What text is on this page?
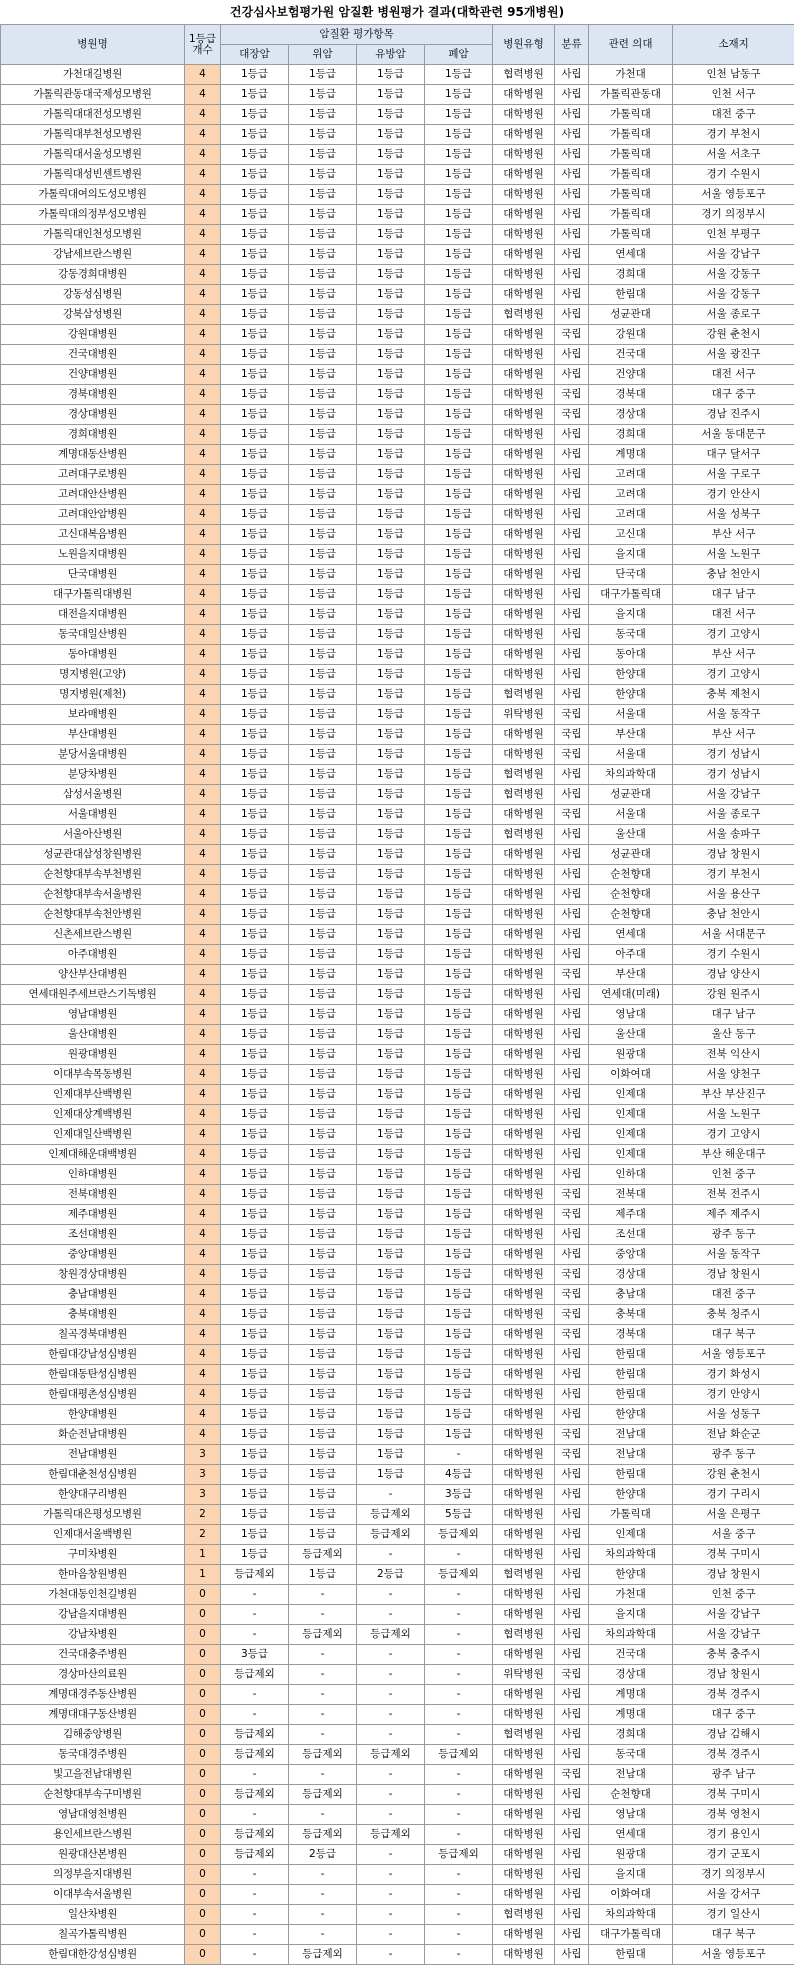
건강심사보험평가원 암질환 병원평가 결과(대학관련 95개병원)
병원명	1등급
개수	암질환 평가항목				병원유형	분류	관련 의대	소재지
		대장암	위암	유방암	폐암				
가천대길병원	4	1등급	1등급	1등급	1등급	협력병원	사립	가천대	인천 남동구
가톨릭관동대국제성모병원	4	1등급	1등급	1등급	1등급	대학병원	사립	가톨릭관동대	인천 서구
가톨릭대대전성모병원	4	1등급	1등급	1등급	1등급	대학병원	사립	가톨릭대	대전 중구
가톨릭대부천성모병원	4	1등급	1등급	1등급	1등급	대학병원	사립	가톨릭대	경기 부천시
가톨릭대서울성모병원	4	1등급	1등급	1등급	1등급	대학병원	사립	가톨릭대	서울 서초구
가톨릭대성빈센트병원	4	1등급	1등급	1등급	1등급	대학병원	사립	가톨릭대	경기 수원시
가톨릭대여의도성모병원	4	1등급	1등급	1등급	1등급	대학병원	사립	가톨릭대	서울 영등포구
가톨릭대의정부성모병원	4	1등급	1등급	1등급	1등급	대학병원	사립	가톨릭대	경기 의정부시
가톨릭대인천성모병원	4	1등급	1등급	1등급	1등급	대학병원	사립	가톨릭대	인천 부평구
강남세브란스병원	4	1등급	1등급	1등급	1등급	대학병원	사립	연세대	서울 강남구
강동경희대병원	4	1등급	1등급	1등급	1등급	대학병원	사립	경희대	서울 강동구
강동성심병원	4	1등급	1등급	1등급	1등급	대학병원	사립	한림대	서울 강동구
강북삼성병원	4	1등급	1등급	1등급	1등급	협력병원	사립	성균관대	서울 종로구
강원대병원	4	1등급	1등급	1등급	1등급	대학병원	국립	강원대	강원 춘천시
건국대병원	4	1등급	1등급	1등급	1등급	대학병원	사립	건국대	서울 광진구
건양대병원	4	1등급	1등급	1등급	1등급	대학병원	사립	건양대	대전 서구
경북대병원	4	1등급	1등급	1등급	1등급	대학병원	국립	경북대	대구 중구
경상대병원	4	1등급	1등급	1등급	1등급	대학병원	국립	경상대	경남 진주시
경희대병원	4	1등급	1등급	1등급	1등급	대학병원	사립	경희대	서울 동대문구
계명대동산병원	4	1등급	1등급	1등급	1등급	대학병원	사립	계명대	대구 달서구
고려대구로병원	4	1등급	1등급	1등급	1등급	대학병원	사립	고려대	서울 구로구
고려대안산병원	4	1등급	1등급	1등급	1등급	대학병원	사립	고려대	경기 안산시
고려대안암병원	4	1등급	1등급	1등급	1등급	대학병원	사립	고려대	서울 성북구
고신대복음병원	4	1등급	1등급	1등급	1등급	대학병원	사립	고신대	부산 서구
노원을지대병원	4	1등급	1등급	1등급	1등급	대학병원	사립	을지대	서울 노원구
단국대병원	4	1등급	1등급	1등급	1등급	대학병원	사립	단국대	충남 천안시
대구가톨릭대병원	4	1등급	1등급	1등급	1등급	대학병원	사립	대구가톨릭대	대구 남구
대전을지대병원	4	1등급	1등급	1등급	1등급	대학병원	사립	을지대	대전 서구
동국대일산병원	4	1등급	1등급	1등급	1등급	대학병원	사립	동국대	경기 고양시
동아대병원	4	1등급	1등급	1등급	1등급	대학병원	사립	동아대	부산 서구
명지병원(고양)	4	1등급	1등급	1등급	1등급	대학병원	사립	한양대	경기 고양시
명지병원(제천)	4	1등급	1등급	1등급	1등급	협력병원	사립	한양대	충북 제천시
보라매병원	4	1등급	1등급	1등급	1등급	위탁병원	국립	서울대	서울 동작구
부산대병원	4	1등급	1등급	1등급	1등급	대학병원	국립	부산대	부산 서구
분당서울대병원	4	1등급	1등급	1등급	1등급	대학병원	국립	서울대	경기 성남시
분당차병원	4	1등급	1등급	1등급	1등급	협력병원	사립	차의과학대	경기 성남시
삼성서울병원	4	1등급	1등급	1등급	1등급	협력병원	사립	성균관대	서울 강남구
서울대병원	4	1등급	1등급	1등급	1등급	대학병원	국립	서울대	서울 종로구
서울아산병원	4	1등급	1등급	1등급	1등급	협력병원	사립	울산대	서울 송파구
성균관대삼성창원병원	4	1등급	1등급	1등급	1등급	대학병원	사립	성균관대	경남 창원시
순천향대부속부천병원	4	1등급	1등급	1등급	1등급	대학병원	사립	순천향대	경기 부천시
순천향대부속서울병원	4	1등급	1등급	1등급	1등급	대학병원	사립	순천향대	서울 용산구
순천향대부속천안병원	4	1등급	1등급	1등급	1등급	대학병원	사립	순천향대	충남 천안시
신촌세브란스병원	4	1등급	1등급	1등급	1등급	대학병원	사립	연세대	서울 서대문구
아주대병원	4	1등급	1등급	1등급	1등급	대학병원	사립	아주대	경기 수원시
양산부산대병원	4	1등급	1등급	1등급	1등급	대학병원	국립	부산대	경남 양산시
연세대원주세브란스기독병원	4	1등급	1등급	1등급	1등급	대학병원	사립	연세대(미래)	강원 원주시
영남대병원	4	1등급	1등급	1등급	1등급	대학병원	사립	영남대	대구 남구
울산대병원	4	1등급	1등급	1등급	1등급	대학병원	사립	울산대	울산 동구
원광대병원	4	1등급	1등급	1등급	1등급	대학병원	사립	원광대	전북 익산시
이대부속목동병원	4	1등급	1등급	1등급	1등급	대학병원	사립	이화여대	서울 양천구
인제대부산백병원	4	1등급	1등급	1등급	1등급	대학병원	사립	인제대	부산 부산진구
인제대상계백병원	4	1등급	1등급	1등급	1등급	대학병원	사립	인제대	서울 노원구
인제대일산백병원	4	1등급	1등급	1등급	1등급	대학병원	사립	인제대	경기 고양시
인제대해운대백병원	4	1등급	1등급	1등급	1등급	대학병원	사립	인제대	부산 해운대구
인하대병원	4	1등급	1등급	1등급	1등급	대학병원	사립	인하대	인천 중구
전북대병원	4	1등급	1등급	1등급	1등급	대학병원	국립	전북대	전북 전주시
제주대병원	4	1등급	1등급	1등급	1등급	대학병원	국립	제주대	제주 제주시
조선대병원	4	1등급	1등급	1등급	1등급	대학병원	사립	조선대	광주 동구
중앙대병원	4	1등급	1등급	1등급	1등급	대학병원	사립	중앙대	서울 동작구
창원경상대병원	4	1등급	1등급	1등급	1등급	대학병원	국립	경상대	경남 창원시
충남대병원	4	1등급	1등급	1등급	1등급	대학병원	국립	충남대	대전 중구
충북대병원	4	1등급	1등급	1등급	1등급	대학병원	국립	충북대	충북 청주시
칠곡경북대병원	4	1등급	1등급	1등급	1등급	대학병원	국립	경북대	대구 북구
한림대강남성심병원	4	1등급	1등급	1등급	1등급	대학병원	사립	한림대	서울 영등포구
한림대동탄성심병원	4	1등급	1등급	1등급	1등급	대학병원	사립	한림대	경기 화성시
한림대평촌성심병원	4	1등급	1등급	1등급	1등급	대학병원	사립	한림대	경기 안양시
한양대병원	4	1등급	1등급	1등급	1등급	대학병원	사립	한양대	서울 성동구
화순전남대병원	4	1등급	1등급	1등급	1등급	대학병원	국립	전남대	전남 화순군
전남대병원	3	1등급	1등급	1등급	-	대학병원	국립	전남대	광주 동구
한림대춘천성심병원	3	1등급	1등급	1등급	4등급	대학병원	사립	한림대	강원 춘천시
한양대구리병원	3	1등급	1등급	-	3등급	대학병원	사립	한양대	경기 구리시
가톨릭대은평성모병원	2	1등급	1등급	등급제외	5등급	대학병원	사립	가톨릭대	서울 은평구
인제대서울백병원	2	1등급	1등급	등급제외	등급제외	대학병원	사립	인제대	서울 중구
구미차병원	1	1등급	등급제외	-	-	대학병원	사립	차의과학대	경북 구미시
한마음창원병원	1	등급제외	1등급	2등급	등급제외	협력병원	사립	한양대	경남 창원시
가천대동인천길병원	0	-	-	-	-	대학병원	사립	가천대	인천 중구
강남을지대병원	0	-	-	-	-	대학병원	사립	을지대	서울 강남구
강남차병원	0	-	등급제외	등급제외	-	협력병원	사립	차의과학대	서울 강남구
건국대충주병원	0	3등급	-	-	-	대학병원	사립	건국대	충북 충주시
경상마산의료원	0	등급제외	-	-	-	위탁병원	국립	경상대	경남 창원시
계명대경주동산병원	0	-	-	-	-	대학병원	사립	계명대	경북 경주시
계명대대구동산병원	0	-	-	-	-	대학병원	사립	계명대	대구 중구
김해중앙병원	0	등급제외	-	-	-	협력병원	사립	경희대	경남 김해시
동국대경주병원	0	등급제외	등급제외	등급제외	등급제외	대학병원	사립	동국대	경북 경주시
빛고을전남대병원	0	-	-	-	-	대학병원	국립	전남대	광주 남구
순천향대부속구미병원	0	등급제외	등급제외	-	-	대학병원	사립	순천향대	경북 구미시
영남대영천병원	0	-	-	-	-	대학병원	사립	영남대	경북 영천시
용인세브란스병원	0	등급제외	등급제외	등급제외	-	대학병원	사립	연세대	경기 용인시
원광대산본병원	0	등급제외	2등급	-	등급제외	대학병원	사립	원광대	경기 군포시
의정부을지대병원	0	-	-	-	-	대학병원	사립	을지대	경기 의정부시
이대부속서울병원	0	-	-	-	-	대학병원	사립	이화여대	서울 강서구
일산차병원	0	-	-	-	-	협력병원	사립	차의과학대	경기 일산시
칠곡가톨릭병원	0	-	-	-	-	대학병원	사립	대구가톨릭대	대구 북구
한림대한강성심병원	0	-	등급제외	-	-	대학병원	사립	한림대	서울 영등포구
